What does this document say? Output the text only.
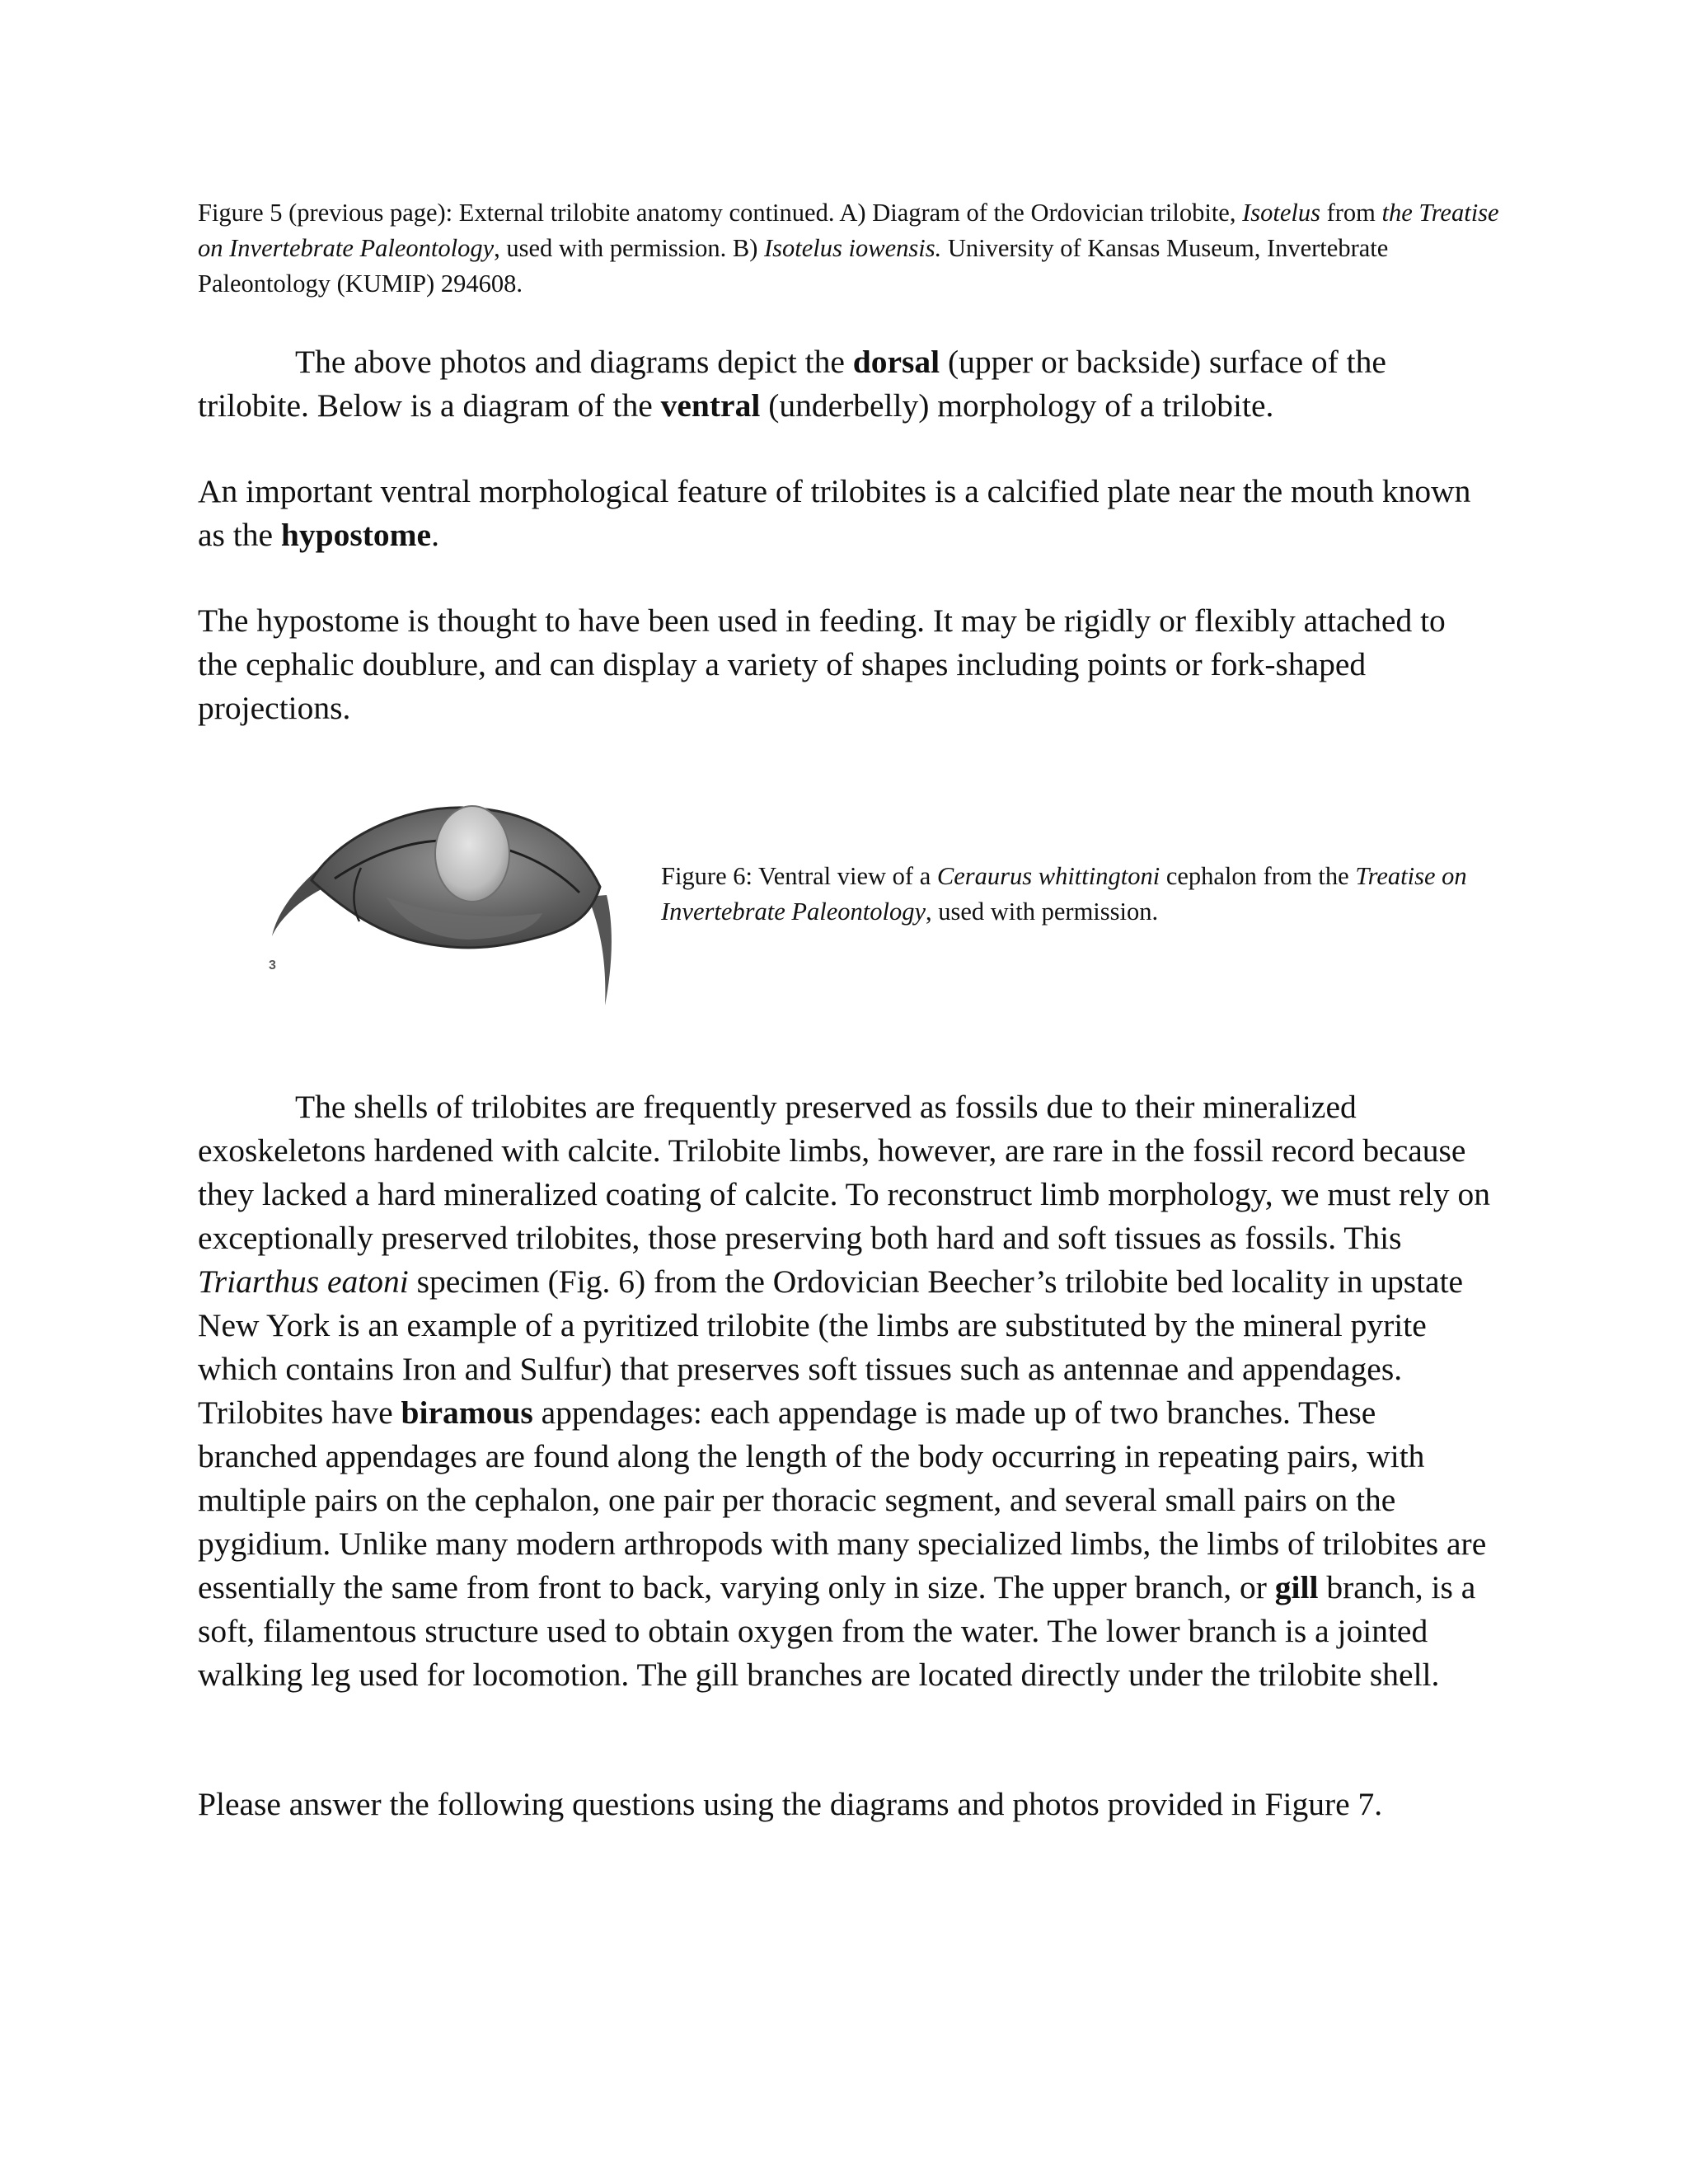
Figure 5 (previous page): External trilobite anatomy continued. A) Diagram of the Ordovician trilobite, Isotelus from the Treatise on Invertebrate Paleontology, used with permission. B) Isotelus iowensis. University of Kansas Museum, Invertebrate Paleontology (KUMIP) 294608.

The above photos and diagrams depict the dorsal (upper or backside) surface of the trilobite. Below is a diagram of the ventral (underbelly) morphology of a trilobite.

An important ventral morphological feature of trilobites is a calcified plate near the mouth known as the hypostome.

The hypostome is thought to have been used in feeding. It may be rigidly or flexibly attached to the cephalic doublure, and can display a variety of shapes including points or fork-shaped projections.

3

Figure 6: Ventral view of a Ceraurus whittingtoni cephalon from the Treatise on Invertebrate Paleontology, used with permission.

The shells of trilobites are frequently preserved as fossils due to their mineralized exoskeletons hardened with calcite. Trilobite limbs, however, are rare in the fossil record because they lacked a hard mineralized coating of calcite. To reconstruct limb morphology, we must rely on exceptionally preserved trilobites, those preserving both hard and soft tissues as fossils. This Triarthus eatoni specimen (Fig. 6) from the Ordovician Beecher’s trilobite bed locality in upstate New York is an example of a pyritized trilobite (the limbs are substituted by the mineral pyrite which contains Iron and Sulfur) that preserves soft tissues such as antennae and appendages. Trilobites have biramous appendages: each appendage is made up of two branches. These branched appendages are found along the length of the body occurring in repeating pairs, with multiple pairs on the cephalon, one pair per thoracic segment, and several small pairs on the pygidium. Unlike many modern arthropods with many specialized limbs, the limbs of trilobites are essentially the same from front to back, varying only in size. The upper branch, or gill branch, is a soft, filamentous structure used to obtain oxygen from the water. The lower branch is a jointed walking leg used for locomotion. The gill branches are located directly under the trilobite shell.

Please answer the following questions using the diagrams and photos provided in Figure 7.
